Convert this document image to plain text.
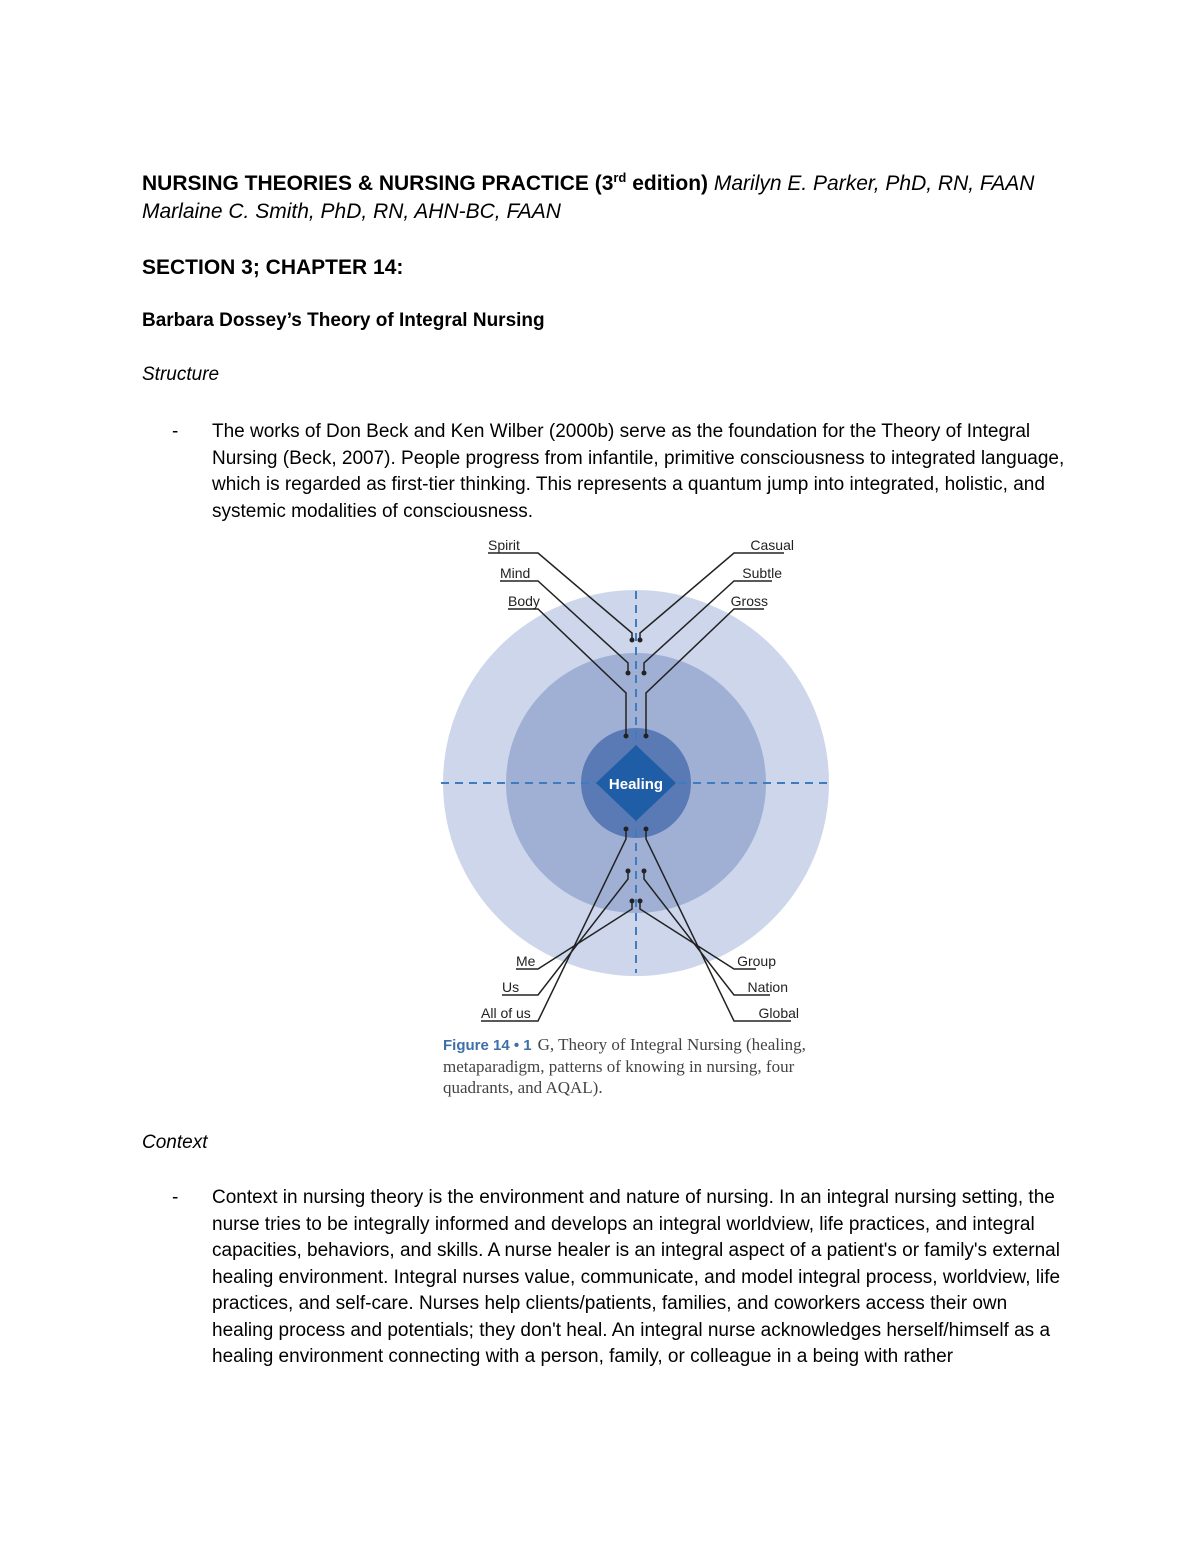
NURSING THEORIES & NURSING PRACTICE (3rd edition) Marilyn E. Parker, PhD, RN, FAAN Marlaine C. Smith, PhD, RN, AHN-BC, FAAN
SECTION 3; CHAPTER 14:
Barbara Dossey’s Theory of Integral Nursing
Structure
- The works of Don Beck and Ken Wilber (2000b) serve as the foundation for the Theory of Integral Nursing (Beck, 2007). People progress from infantile, primitive consciousness to integrated language, which is regarded as first-tier thinking. This represents a quantum jump into integrated, holistic, and systemic modalities of consciousness.
Healing
Spirit
Mind
Body
Casual
Subtle
Gross
Me
Us
All of us
Group
Nation
Global
Figure 14 • 1 G, Theory of Integral Nursing (healing, metaparadigm, patterns of knowing in nursing, four quadrants, and AQAL).
Context
- Context in nursing theory is the environment and nature of nursing. In an integral nursing setting, the nurse tries to be integrally informed and develops an integral worldview, life practices, and integral capacities, behaviors, and skills. A nurse healer is an integral aspect of a patient's or family's external healing environment. Integral nurses value, communicate, and model integral process, worldview, life practices, and self-care. Nurses help clients/patients, families, and coworkers access their own healing process and potentials; they don't heal. An integral nurse acknowledges herself/himself as a healing environment connecting with a person, family, or colleague in a being with rather
